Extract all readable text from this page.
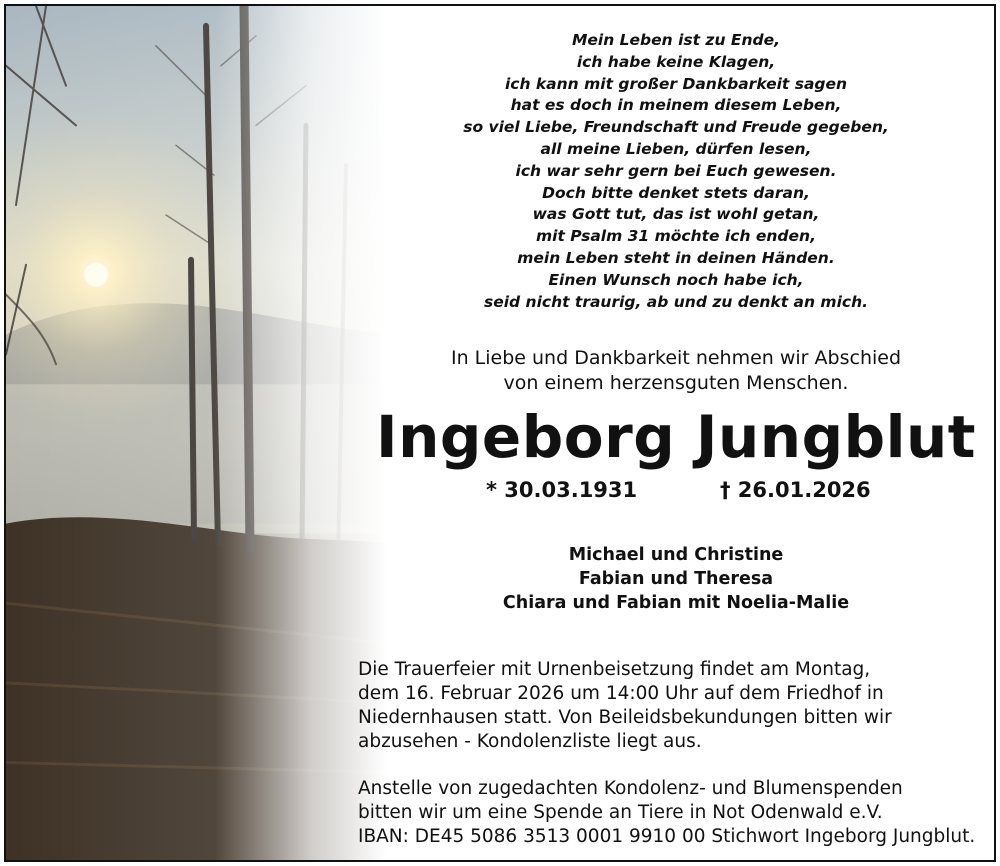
Mein Leben ist zu Ende,
ich habe keine Klagen,
ich kann mit großer Dankbarkeit sagen
hat es doch in meinem diesem Leben,
so viel Liebe, Freundschaft und Freude gegeben,
all meine Lieben, dürfen lesen,
ich war sehr gern bei Euch gewesen.
Doch bitte denket stets daran,
was Gott tut, das ist wohl getan,
mit Psalm 31 möchte ich enden,
mein Leben steht in deinen Händen.
Einen Wunsch noch habe ich,
seid nicht traurig, ab und zu denkt an mich.
In Liebe und Dankbarkeit nehmen wir Abschied
von einem herzensguten Menschen.
Ingeborg Jungblut
* 30.03.1931	† 26.01.2026
Michael und Christine
Fabian und Theresa
Chiara und Fabian mit Noelia-Malie

Die Trauerfeier mit Urnenbeisetzung findet am Montag,

dem 16. Februar 2026 um 14:00 Uhr auf dem Friedhof in

Niedernhausen statt. Von Beileidsbekundungen bitten wir

abzusehen - Kondolenzliste liegt aus.

Anstelle von zugedachten Kondolenz- und Blumenspenden

bitten wir um eine Spende an Tiere in Not Odenwald e.V.

IBAN: DE45 5086 3513 0001 9910 00 Stichwort Ingeborg Jungblut.
